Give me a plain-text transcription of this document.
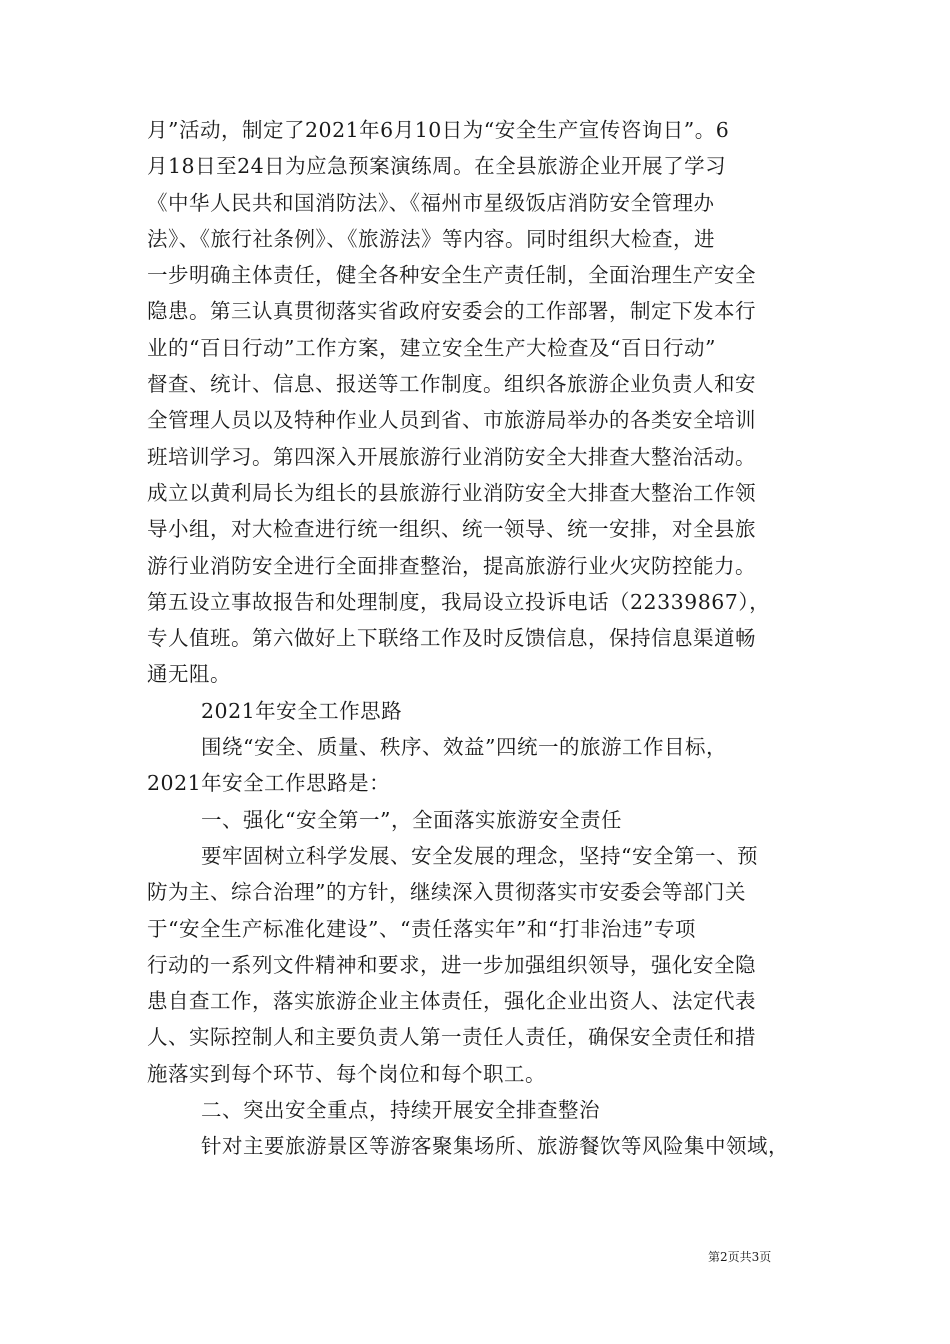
月”活动，制定了2021年6月10日为“安全生产宣传咨询日”。6
月18日至24日为应急预案演练周。在全县旅游企业开展了学习
《中华人民共和国消防法》、《福州市星级饭店消防安全管理办
法》、《旅行社条例》、《旅游法》等内容。同时组织大检查，进
一步明确主体责任，健全各种安全生产责任制，全面治理生产安全
隐患。第三认真贯彻落实省政府安委会的工作部署，制定下发本行
业的“百日行动”工作方案，建立安全生产大检查及“百日行动”
督查、统计、信息、报送等工作制度。组织各旅游企业负责人和安
全管理人员以及特种作业人员到省、市旅游局举办的各类安全培训
班培训学习。第四深入开展旅游行业消防安全大排查大整治活动。
成立以黄利局长为组长的县旅游行业消防安全大排查大整治工作领
导小组，对大检查进行统一组织、统一领导、统一安排，对全县旅
游行业消防安全进行全面排查整治，提高旅游行业火灾防控能力。
第五设立事故报告和处理制度，我局设立投诉电话（22339867），
专人值班。第六做好上下联络工作及时反馈信息，保持信息渠道畅
通无阻。
2021年安全工作思路
围绕“安全、质量、秩序、效益”四统一的旅游工作目标，
2021年安全工作思路是：
一、强化“安全第一”，全面落实旅游安全责任
要牢固树立科学发展、安全发展的理念，坚持“安全第一、预
防为主、综合治理”的方针，继续深入贯彻落实市安委会等部门关
于“安全生产标准化建设”、“责任落实年”和“打非治违”专项
行动的一系列文件精神和要求，进一步加强组织领导，强化安全隐
患自查工作，落实旅游企业主体责任，强化企业出资人、法定代表
人、实际控制人和主要负责人第一责任人责任，确保安全责任和措
施落实到每个环节、每个岗位和每个职工。
二、突出安全重点，持续开展安全排查整治
针对主要旅游景区等游客聚集场所、旅游餐饮等风险集中领域，
第2页共3页
